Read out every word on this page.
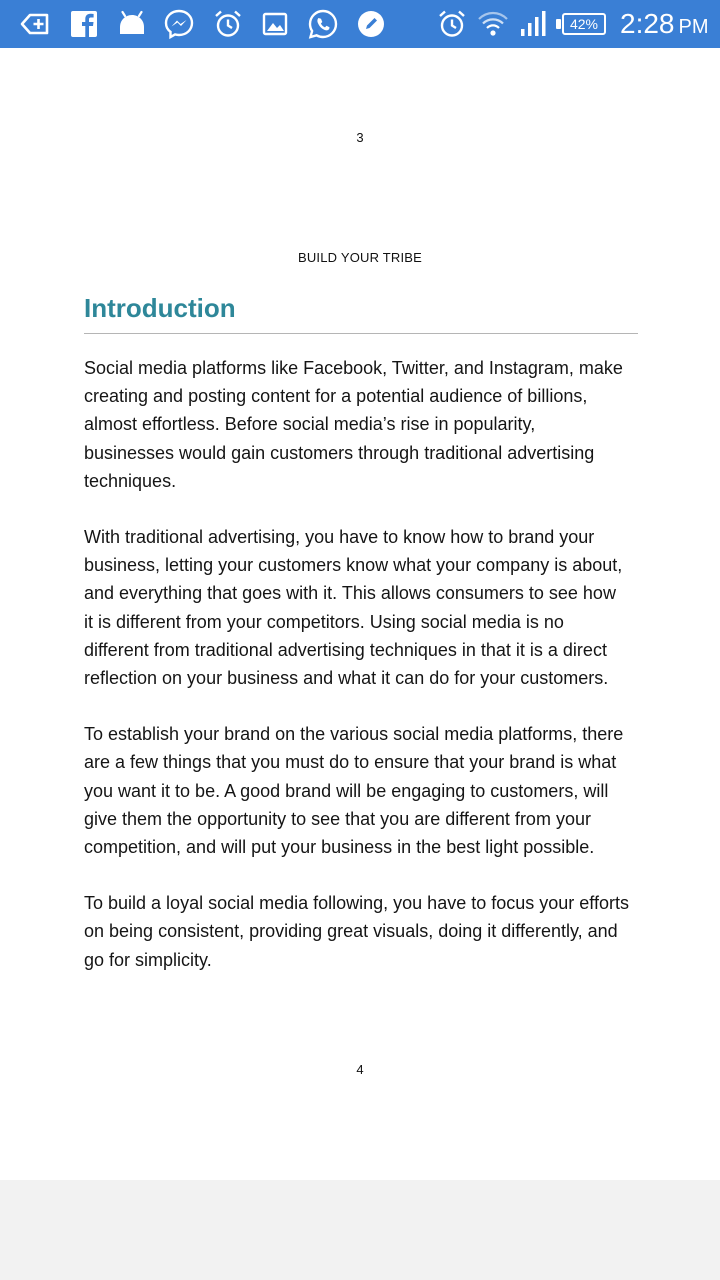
42% 2:28 PM
3
BUILD YOUR TRIBE
Introduction

Social media platforms like Facebook, Twitter, and Instagram, make creating and posting content for a potential audience of billions, almost effortless. Before social media’s rise in popularity, businesses would gain customers through traditional advertising techniques.

With traditional advertising, you have to know how to brand your business, letting your customers know what your company is about, and everything that goes with it. This allows consumers to see how it is different from your competitors. Using social media is no different from traditional advertising techniques in that it is a direct reflection on your business and what it can do for your customers.

To establish your brand on the various social media platforms, there are a few things that you must do to ensure that your brand is what you want it to be. A good brand will be engaging to customers, will give them the opportunity to see that you are different from your competition, and will put your business in the best light possible.

To build a loyal social media following, you have to focus your efforts on being consistent, providing great visuals, doing it differently, and go for simplicity.

4
